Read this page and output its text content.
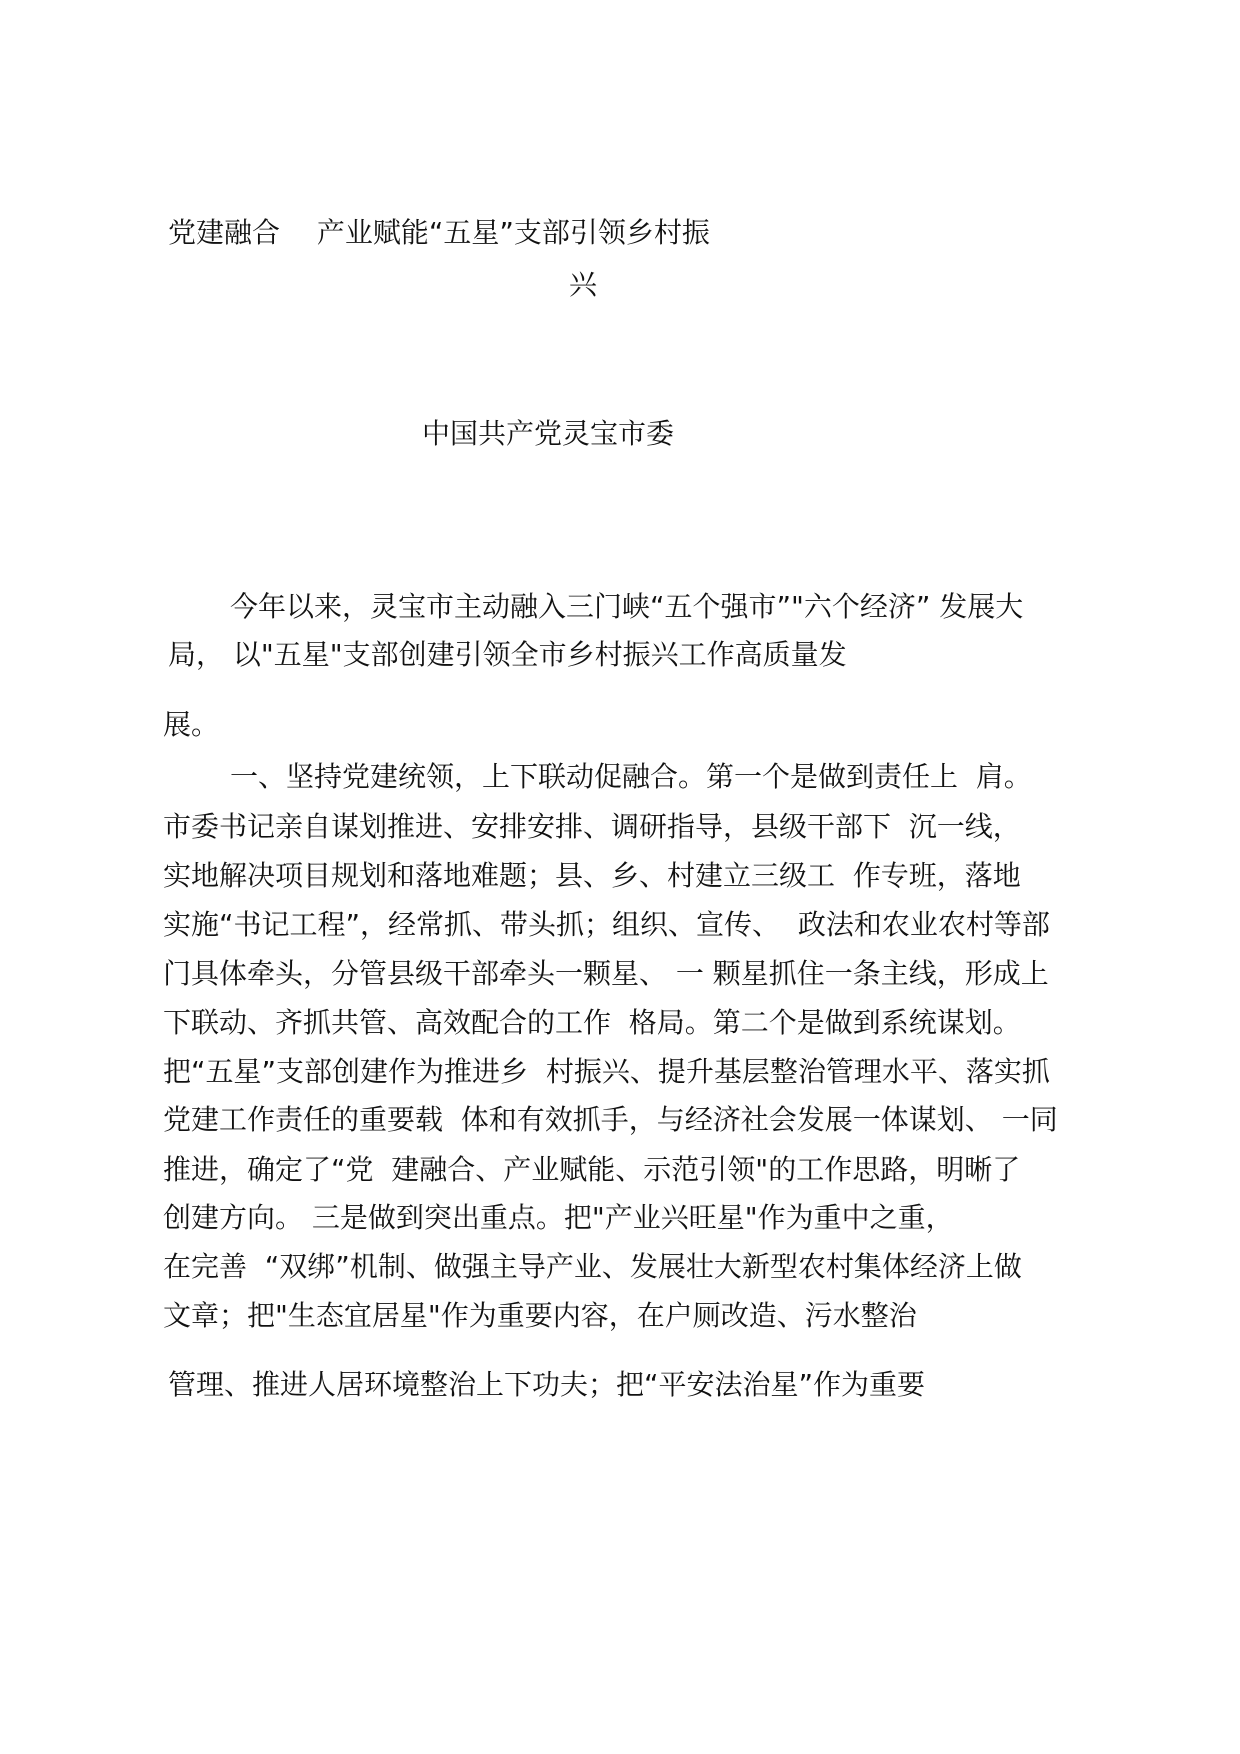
党建融合　 产业赋能“五星”支部引领乡村振
兴
中国共产党灵宝市委
今年以来，灵宝市主动融入三门峡“五个强市”"六个经济” 发展大
局， 以"五星"支部创建引领全市乡村振兴工作高质量发
展。
一、坚持党建统领，上下联动促融合。第一个是做到责任上  肩。
市委书记亲自谋划推进、安排安排、调研指导，县级干部下  沉一线，
实地解决项目规划和落地难题；县、乡、村建立三级工  作专班，落地
实施“书记工程”，经常抓、带头抓；组织、宣传、  政法和农业农村等部
门具体牵头，分管县级干部牵头一颗星、 一 颗星抓住一条主线，形成上
下联动、齐抓共管、高效配合的工作  格局。第二个是做到系统谋划。
把“五星”支部创建作为推进乡  村振兴、提升基层整治管理水平、落实抓
党建工作责任的重要载  体和有效抓手，与经济社会发展一体谋划、 一同
推进，确定了“党  建融合、产业赋能、示范引领"的工作思路，明晰了
创建方向。 三是做到突出重点。把"产业兴旺星"作为重中之重，
在完善  “双绑”机制、做强主导产业、发展壮大新型农村集体经济上做
文章；把"生态宜居星"作为重要内容，在户厕改造、污水整治
管理、推进人居环境整治上下功夫；把“平安法治星”作为重要
